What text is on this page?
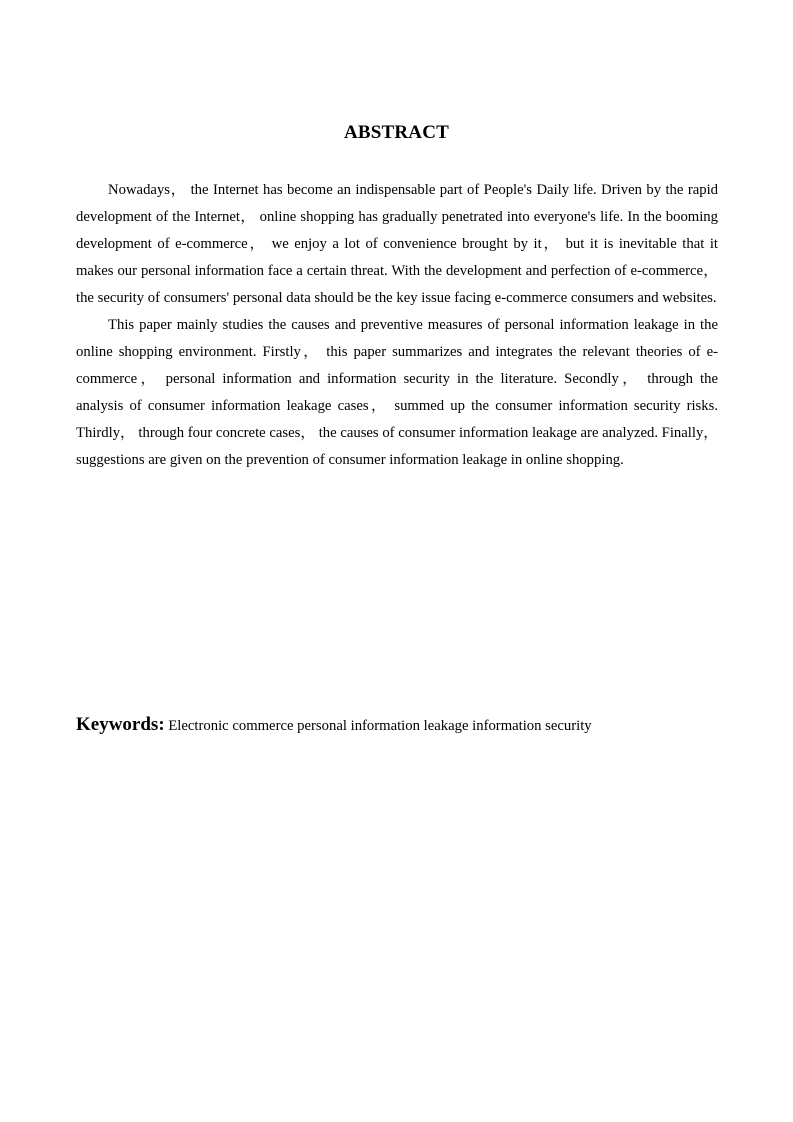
ABSTRACT

Nowadays， the Internet has become an indispensable part of People's Daily life. Driven by the rapid development of the Internet， online shopping has gradually penetrated into everyone's life. In the booming development of e-commerce， we enjoy a lot of convenience brought by it， but it is inevitable that it makes our personal information face a certain threat. With the development and perfection of e-commerce， the security of consumers' personal data should be the key issue facing e-commerce consumers and websites.

This paper mainly studies the causes and preventive measures of personal information leakage in the online shopping environment. Firstly， this paper summarizes and integrates the relevant theories of e-commerce， personal information and information security in the literature. Secondly， through the analysis of consumer information leakage cases， summed up the consumer information security risks. Thirdly， through four concrete cases， the causes of consumer information leakage are analyzed. Finally， suggestions are given on the prevention of consumer information leakage in online shopping.

Keywords: Electronic commerce personal information leakage information security
